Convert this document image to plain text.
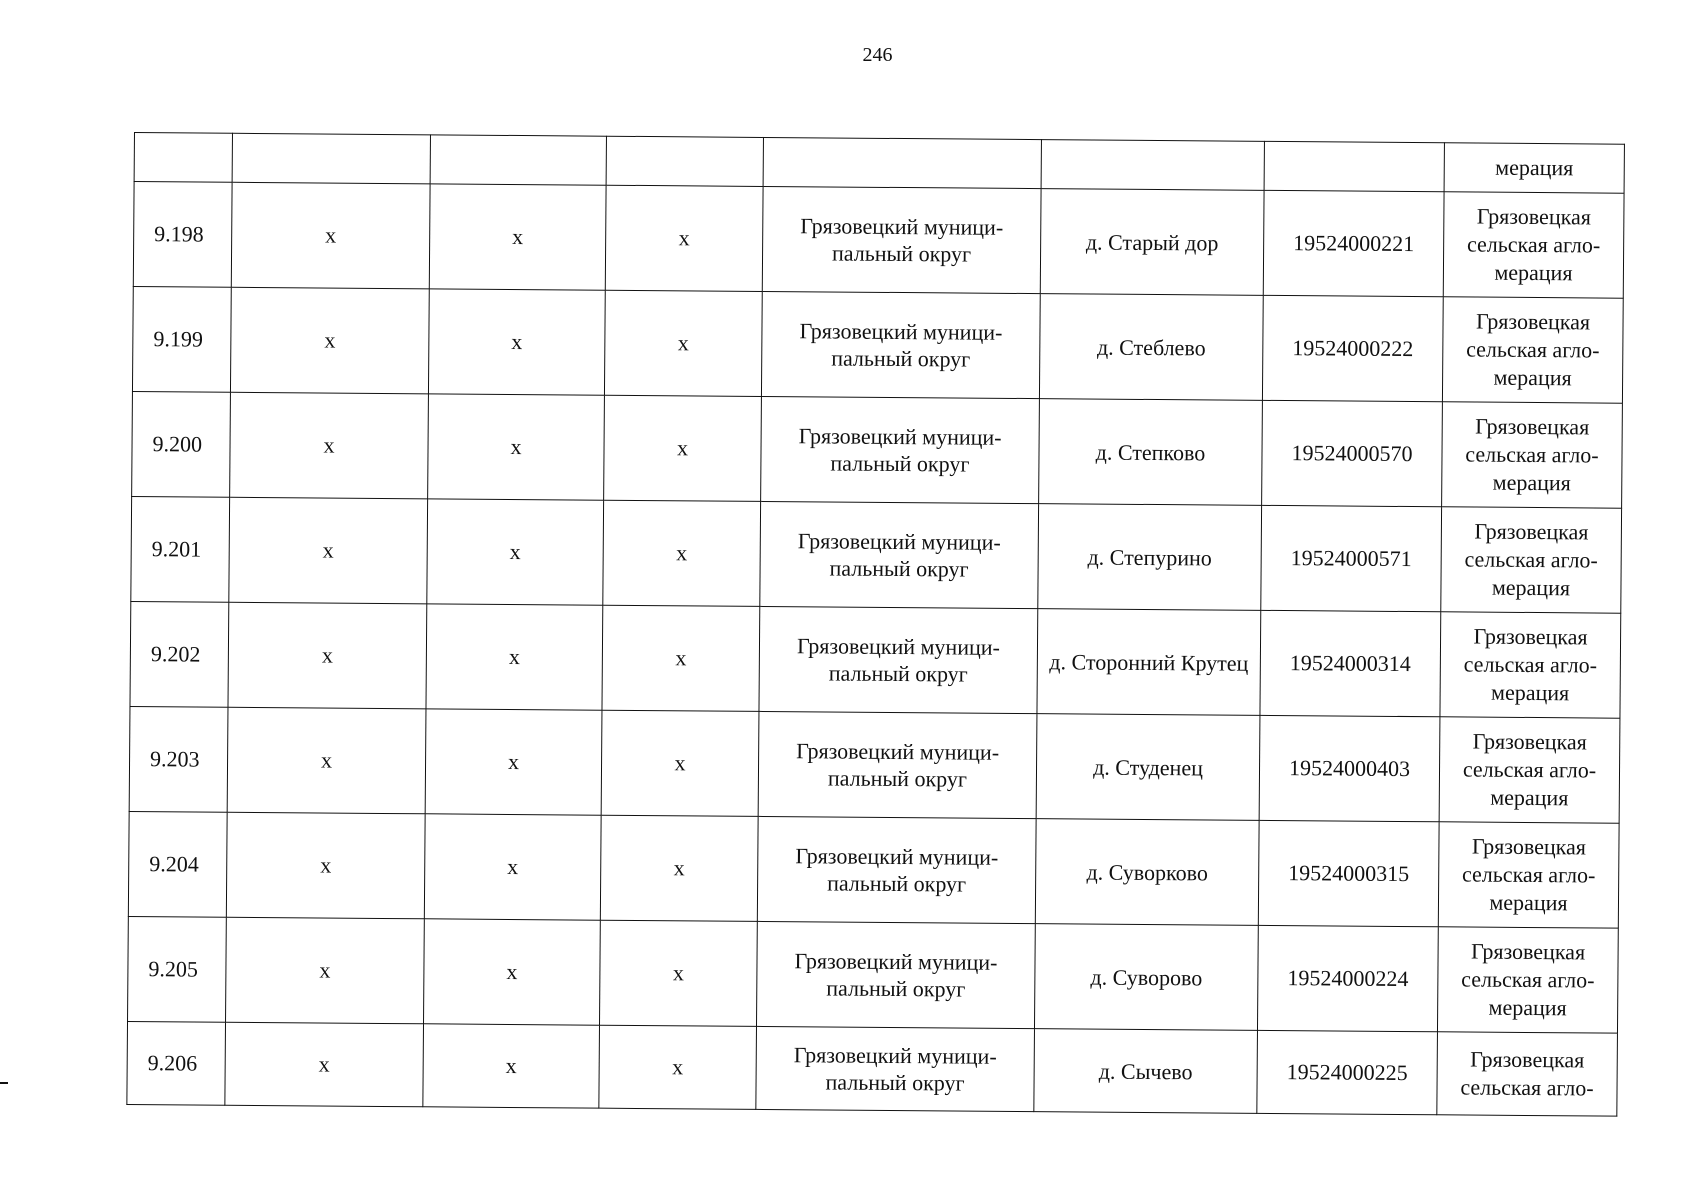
246
							мерация
9.198	х	х	х	Грязовецкий муници-пальный округ	д. Старый дор	19524000221	Грязовецкая сельская агло-мерация
9.199	х	х	х	Грязовецкий муници-пальный округ	д. Стеблево	19524000222	Грязовецкая сельская агло-мерация
9.200	х	х	х	Грязовецкий муници-пальный округ	д. Степково	19524000570	Грязовецкая сельская агло-мерация
9.201	х	х	х	Грязовецкий муници-пальный округ	д. Степурино	19524000571	Грязовецкая сельская агло-мерация
9.202	х	х	х	Грязовецкий муници-пальный округ	д. Сторонний Крутец	19524000314	Грязовецкая сельская агло-мерация
9.203	х	х	х	Грязовецкий муници-пальный округ	д. Студенец	19524000403	Грязовецкая сельская агло-мерация
9.204	х	х	х	Грязовецкий муници-пальный округ	д. Суворково	19524000315	Грязовецкая сельская агло-мерация
9.205	х	х	х	Грязовецкий муници-пальный округ	д. Суворово	19524000224	Грязовецкая сельская агло-мерация
9.206	х	х	х	Грязовецкий муници-пальный округ	д. Сычево	19524000225	Грязовецкая сельская агло-
